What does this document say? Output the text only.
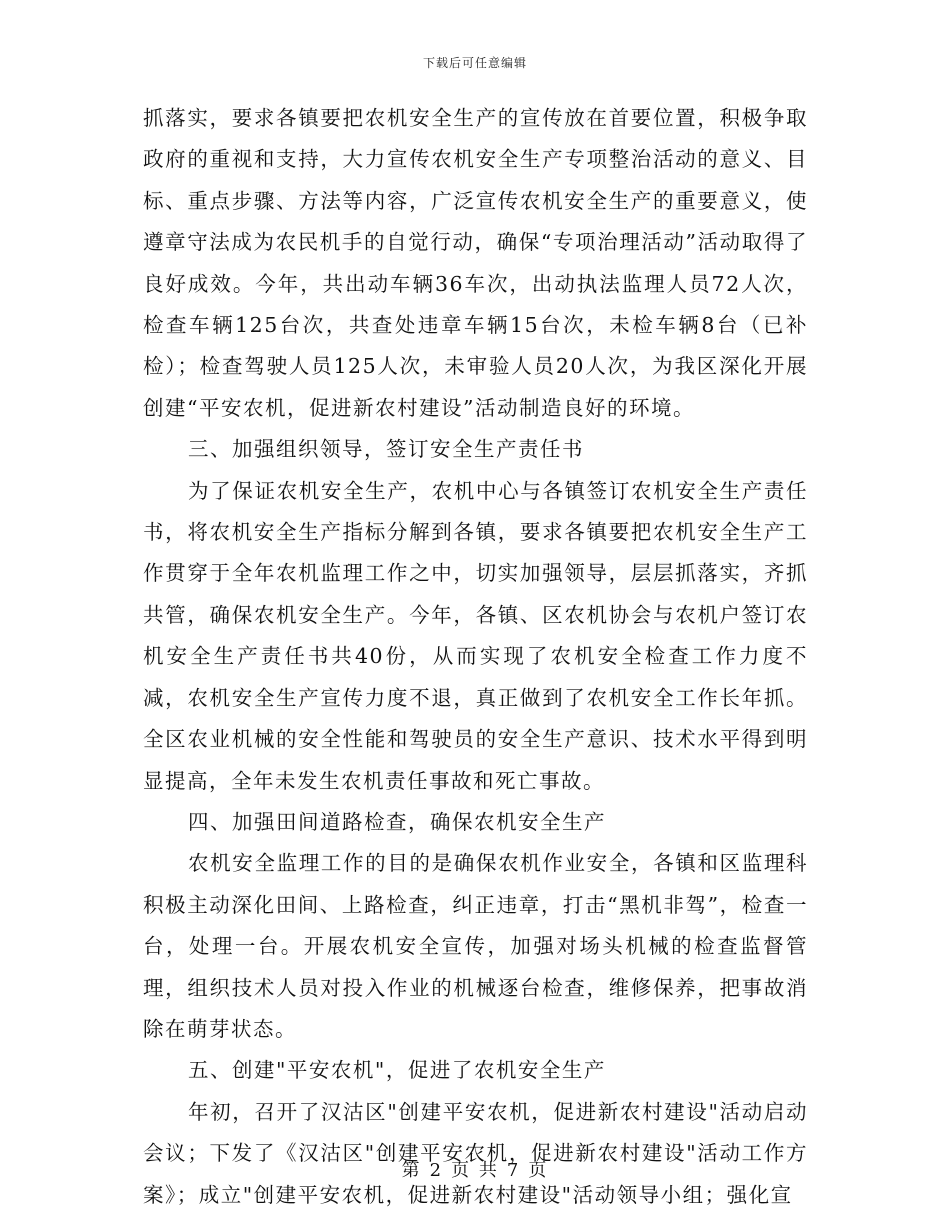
下载后可任意编辑

抓落实，要求各镇要把农机安全生产的宣传放在首要位置，积极争取政府的重视和支持，大力宣传农机安全生产专项整治活动的意义、目标、重点步骤、方法等内容，广泛宣传农机安全生产的重要意义，使遵章守法成为农民机手的自觉行动，确保“专项治理活动”活动取得了良好成效。今年，共出动车辆36车次，出动执法监理人员72人次，检查车辆125台次，共查处违章车辆15台次，未检车辆8台（已补检）；检查驾驶人员125人次，未审验人员20人次，为我区深化开展创建“平安农机，促进新农村建设”活动制造良好的环境。

三、加强组织领导，签订安全生产责任书

为了保证农机安全生产，农机中心与各镇签订农机安全生产责任书，将农机安全生产指标分解到各镇，要求各镇要把农机安全生产工作贯穿于全年农机监理工作之中，切实加强领导，层层抓落实，齐抓共管，确保农机安全生产。今年，各镇、区农机协会与农机户签订农机安全生产责任书共40份，从而实现了农机安全检查工作力度不减，农机安全生产宣传力度不退，真正做到了农机安全工作长年抓。全区农业机械的安全性能和驾驶员的安全生产意识、技术水平得到明显提高，全年未发生农机责任事故和死亡事故。

四、加强田间道路检查，确保农机安全生产

农机安全监理工作的目的是确保农机作业安全，各镇和区监理科积极主动深化田间、上路检查，纠正违章，打击“黑机非驾”，检查一台，处理一台。开展农机安全宣传，加强对场头机械的检查监督管理，组织技术人员对投入作业的机械逐台检查，维修保养，把事故消除在萌芽状态。

五、创建"平安农机"，促进了农机安全生产

年初，召开了汉沽区"创建平安农机，促进新农村建设"活动启动会议；下发了《汉沽区"创建平安农机，促进新农村建设"活动工作方案》；成立"创建平安农机，促进新农村建设"活动领导小组；强化宣

第 2 页 共 7 页
